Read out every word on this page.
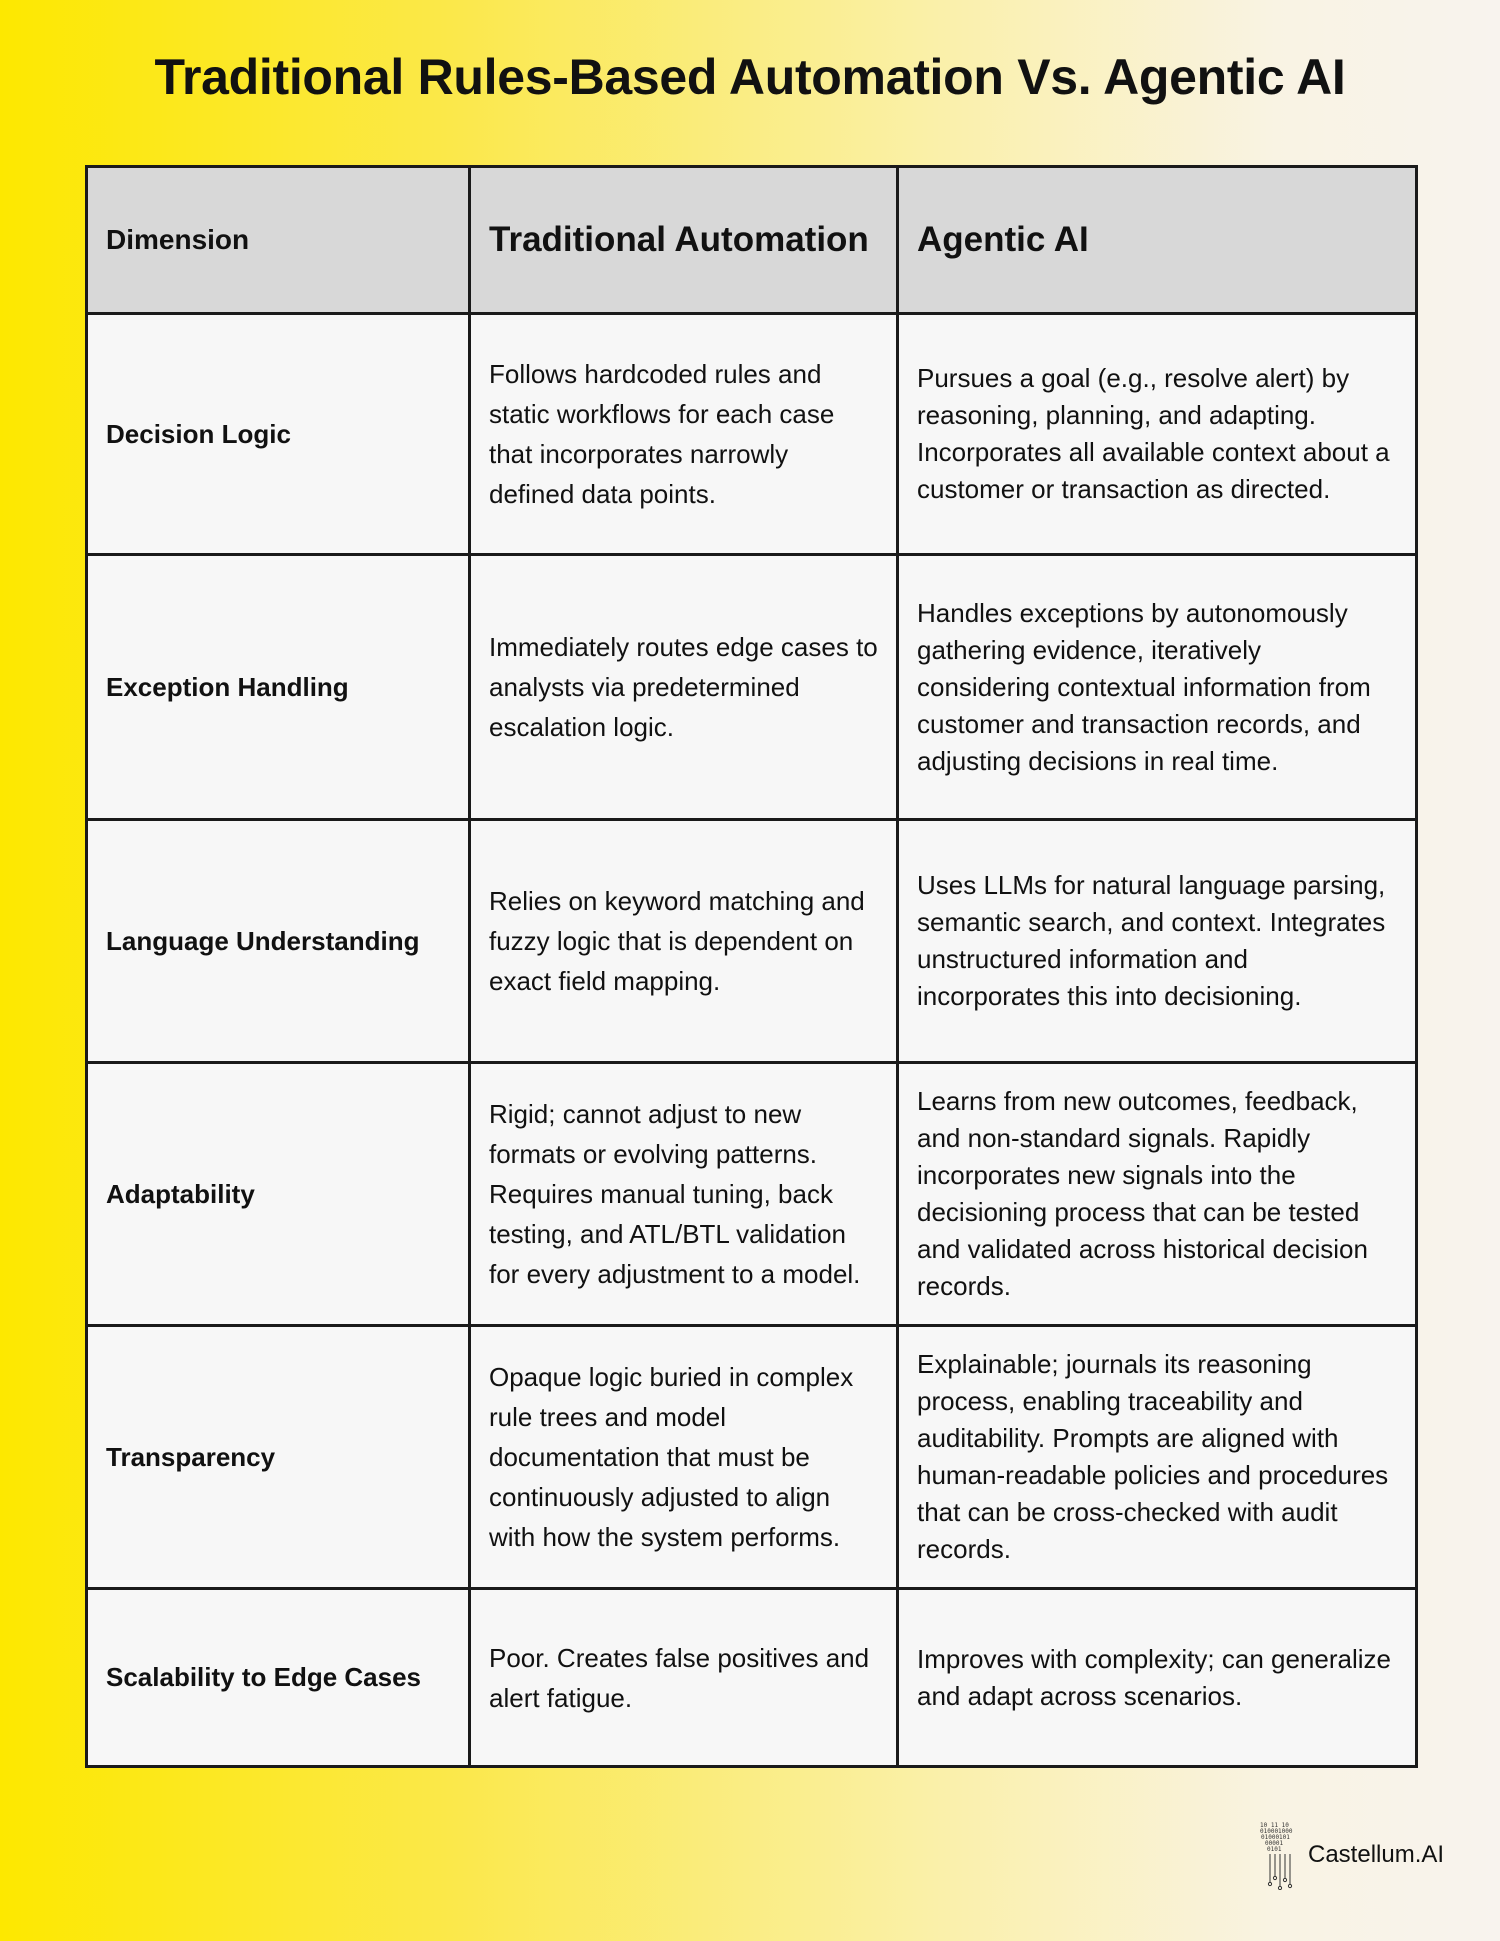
Traditional Rules-Based Automation Vs. Agentic AI
Dimension	Traditional Automation	Agentic AI
Decision Logic	Follows hardcoded rules and static workflows for each case that incorporates narrowly defined data points.	Pursues a goal (e.g., resolve alert) by reasoning, planning, and adapting. Incorporates all available context about a customer or transaction as directed.
Exception Handling	Immediately routes edge cases to analysts via predetermined escalation logic.	Handles exceptions by autonomously gathering evidence, iteratively considering contextual information from customer and transaction records, and adjusting decisions in real time.
Language Understanding	Relies on keyword matching and fuzzy logic that is dependent on exact field mapping.	Uses LLMs for natural language parsing, semantic search, and context. Integrates unstructured information and incorporates this into decisioning.
Adaptability	Rigid; cannot adjust to new formats or evolving patterns. Requires manual tuning, back testing, and ATL/BTL validation for every adjustment to a model.	Learns from new outcomes, feedback, and non-standard signals. Rapidly incorporates new signals into the decisioning process that can be tested and validated across historical decision records.
Transparency	Opaque logic buried in complex rule trees and model documentation that must be continuously adjusted to align with how the system performs.	Explainable; journals its reasoning process, enabling traceability and auditability. Prompts are aligned with human-readable policies and procedures that can be cross-checked with audit records.
Scalability to Edge Cases	Poor. Creates false positives and alert fatigue.	Improves with complexity; can generalize and adapt across scenarios.
10 11 10
010001000
01000101
00001
0101 Castellum.AI
